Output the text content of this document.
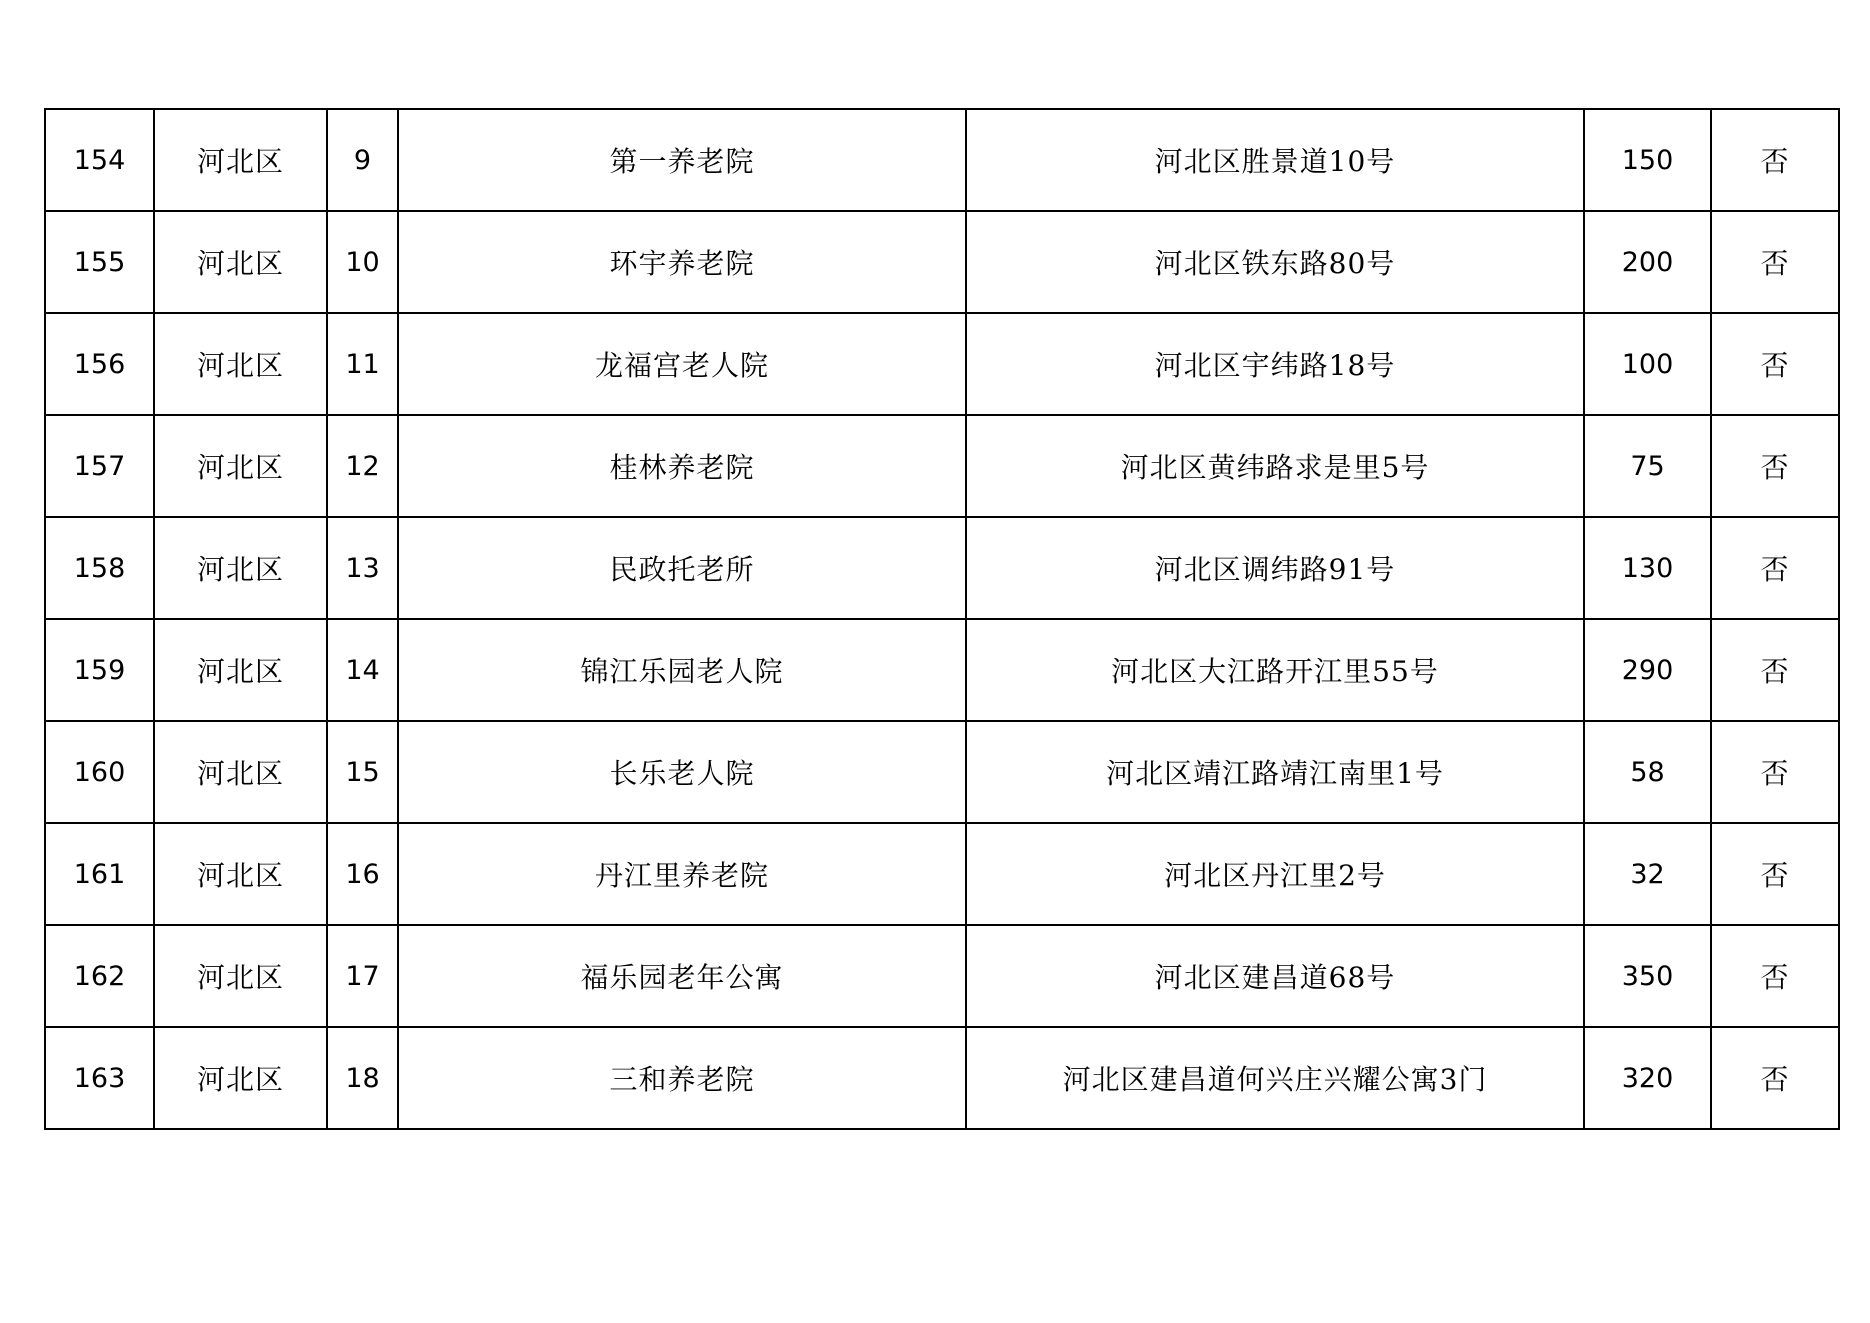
154	河北区	9	第一养老院	河北区胜景道10号	150	否
155	河北区	10	环宇养老院	河北区铁东路80号	200	否
156	河北区	11	龙福宫老人院	河北区宇纬路18号	100	否
157	河北区	12	桂林养老院	河北区黄纬路求是里5号	75	否
158	河北区	13	民政托老所	河北区调纬路91号	130	否
159	河北区	14	锦江乐园老人院	河北区大江路开江里55号	290	否
160	河北区	15	长乐老人院	河北区靖江路靖江南里1号	58	否
161	河北区	16	丹江里养老院	河北区丹江里2号	32	否
162	河北区	17	福乐园老年公寓	河北区建昌道68号	350	否
163	河北区	18	三和养老院	河北区建昌道何兴庄兴耀公寓3门	320	否
